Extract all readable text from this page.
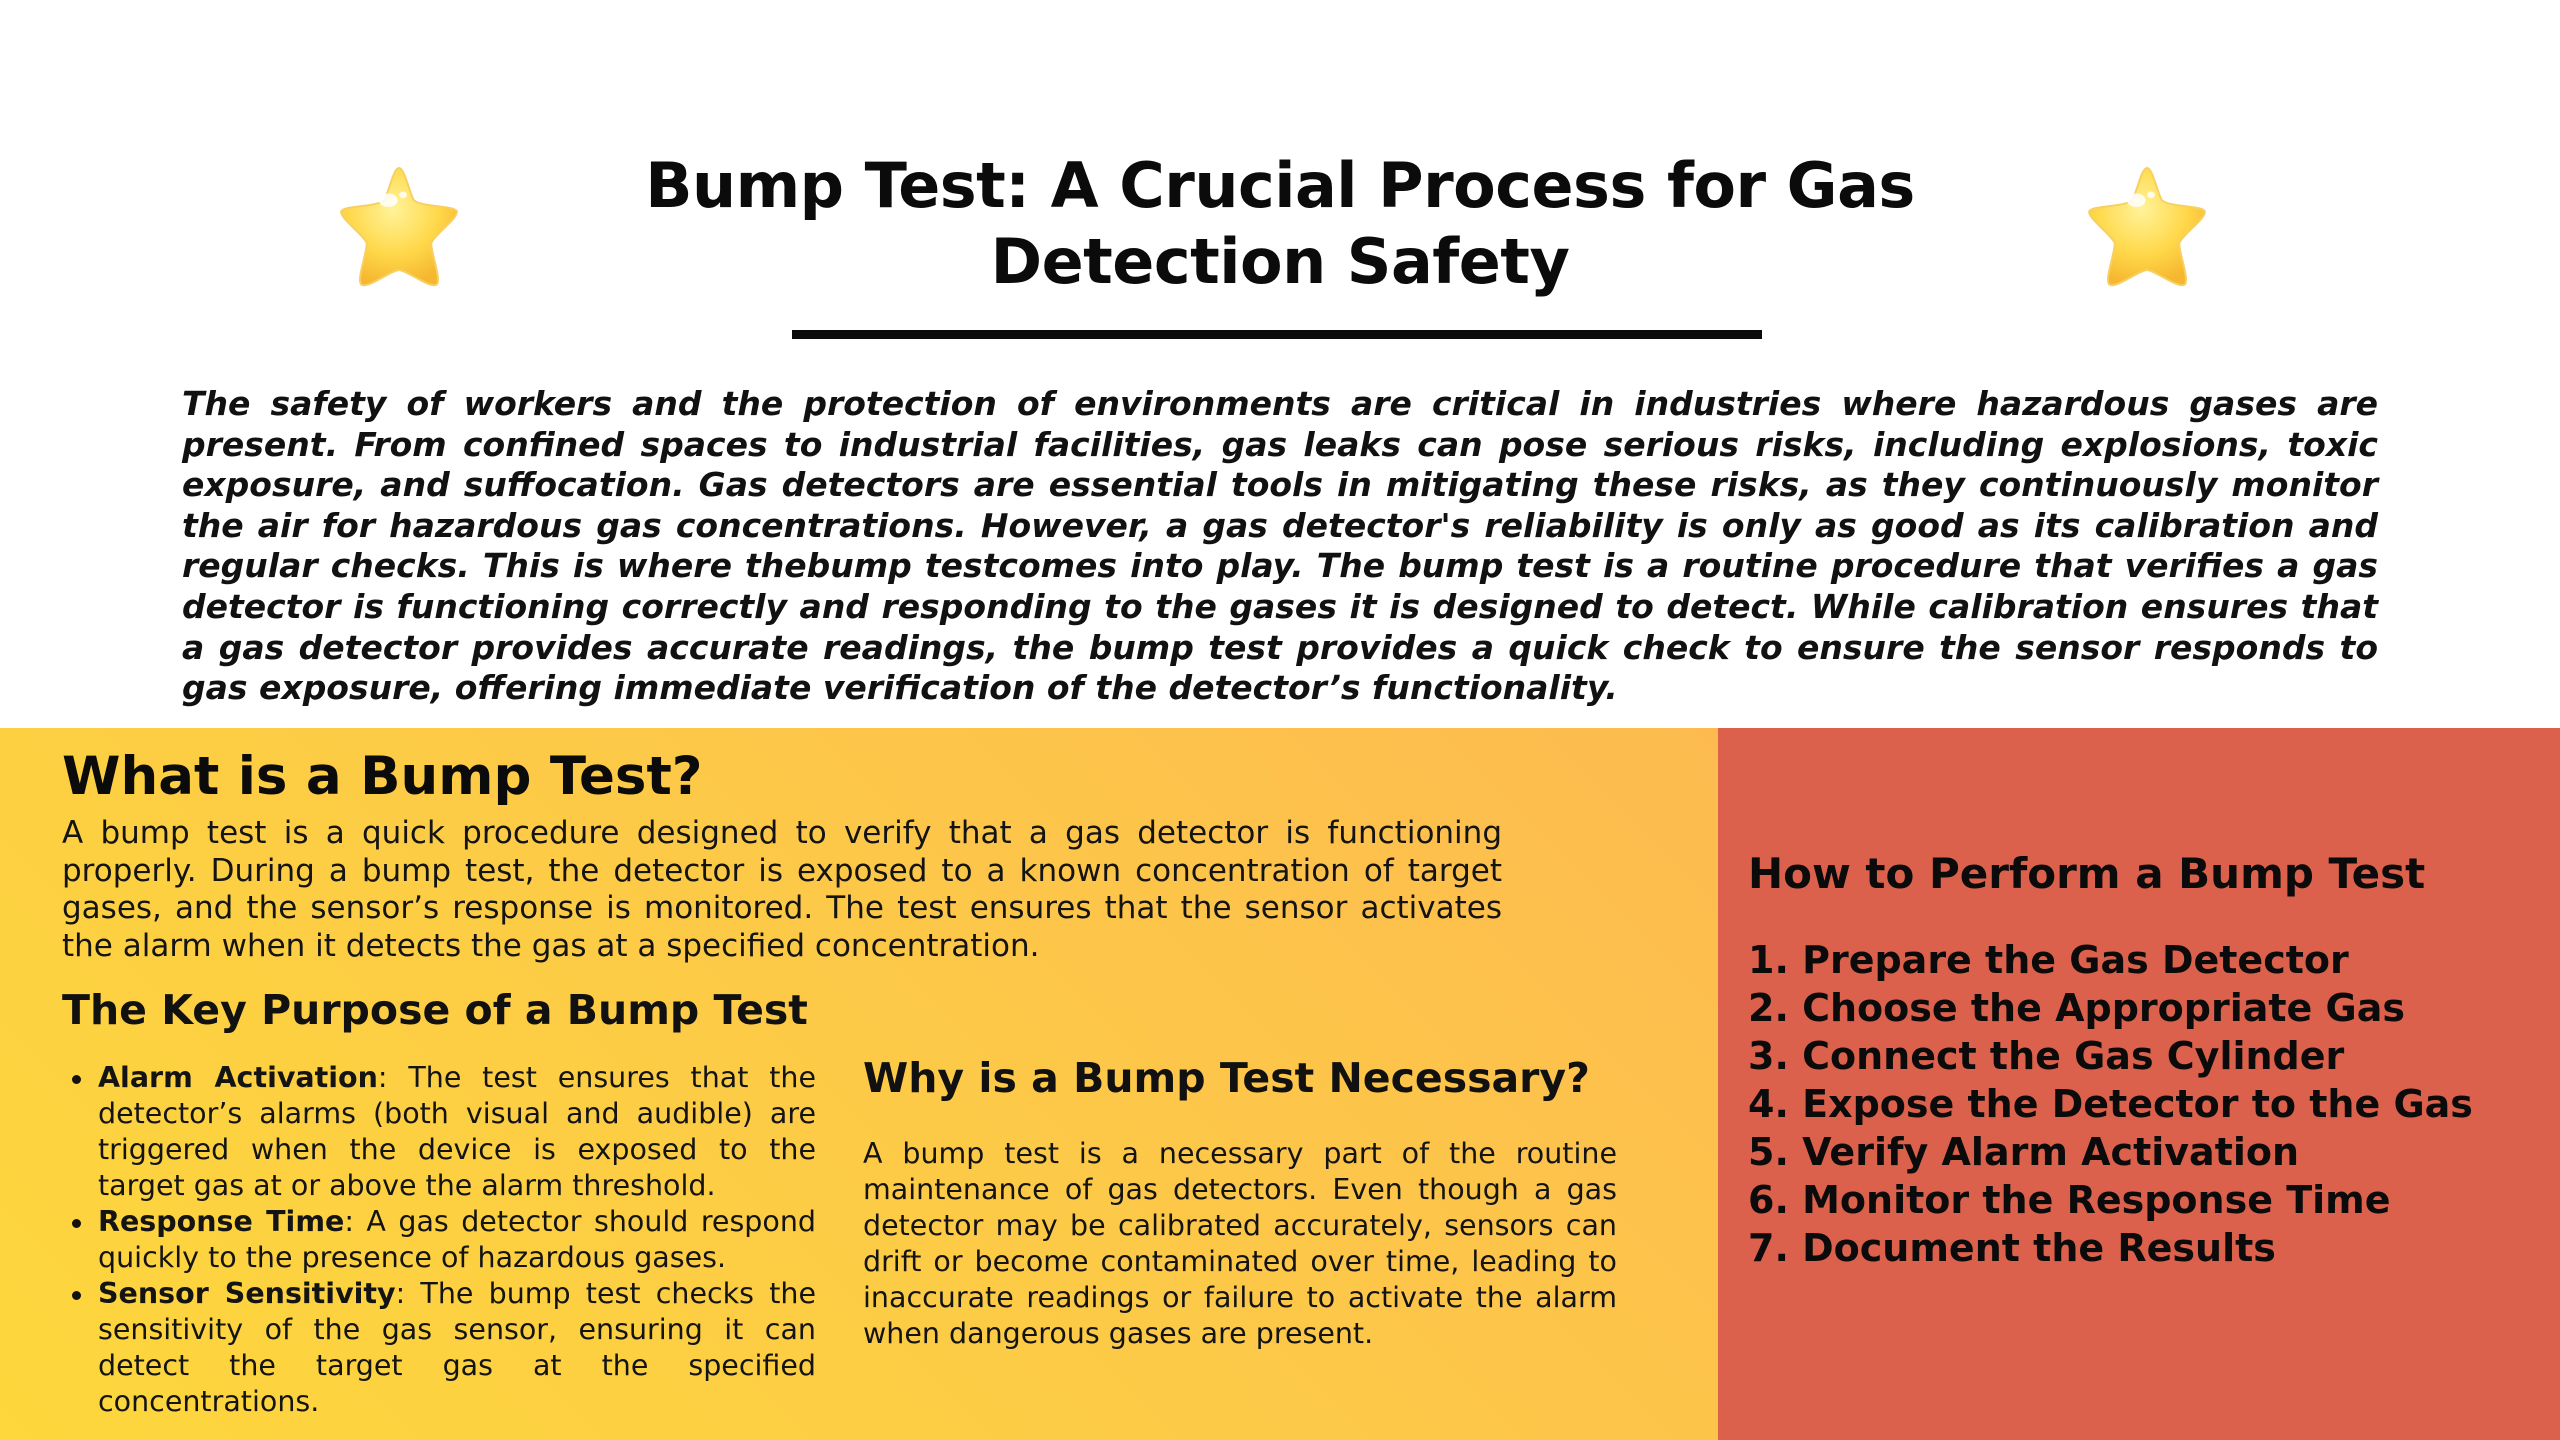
Bump Test: A Crucial Process for Gas
Detection Safety

The safety of workers and the protection of environments are critical in industries where hazardous gases are present. From confined spaces to industrial facilities, gas leaks can pose serious risks, including explosions, toxic exposure, and suffocation. Gas detectors are essential tools in mitigating these risks, as they continuously monitor the air for hazardous gas concentrations. However, a gas detector's reliability is only as good as its calibration and regular checks. This is where thebump testcomes into play. The bump test is a routine procedure that verifies a gas detector is functioning correctly and responding to the gases it is designed to detect. While calibration ensures that a gas detector provides accurate readings, the bump test provides a quick check to ensure the sensor responds to gas exposure, offering immediate verification of the detector’s functionality.

What is a Bump Test?

A bump test is a quick procedure designed to verify that a gas detector is functioning properly. During a bump test, the detector is exposed to a known concentration of target gases, and the sensor’s response is monitored. The test ensures that the sensor activates the alarm when it detects the gas at a specified concentration.

The Key Purpose of a Bump Test
Alarm Activation: The test ensures that the detector’s alarms (both visual and audible) are triggered when the device is exposed to the target gas at or above the alarm threshold.
Response Time: A gas detector should respond quickly to the presence of hazardous gases.
Sensor Sensitivity: The bump test checks the sensitivity of the gas sensor, ensuring it can detect the target gas at the specified concentrations.
Why is a Bump Test Necessary?

A bump test is a necessary part of the routine maintenance of gas detectors. Even though a gas detector may be calibrated accurately, sensors can drift or become contaminated over time, leading to inaccurate readings or failure to activate the alarm when dangerous gases are present.

How to Perform a Bump Test
1. Prepare the Gas Detector
2. Choose the Appropriate Gas
3. Connect the Gas Cylinder
4. Expose the Detector to the Gas
5. Verify Alarm Activation
6. Monitor the Response Time
7. Document the Results
